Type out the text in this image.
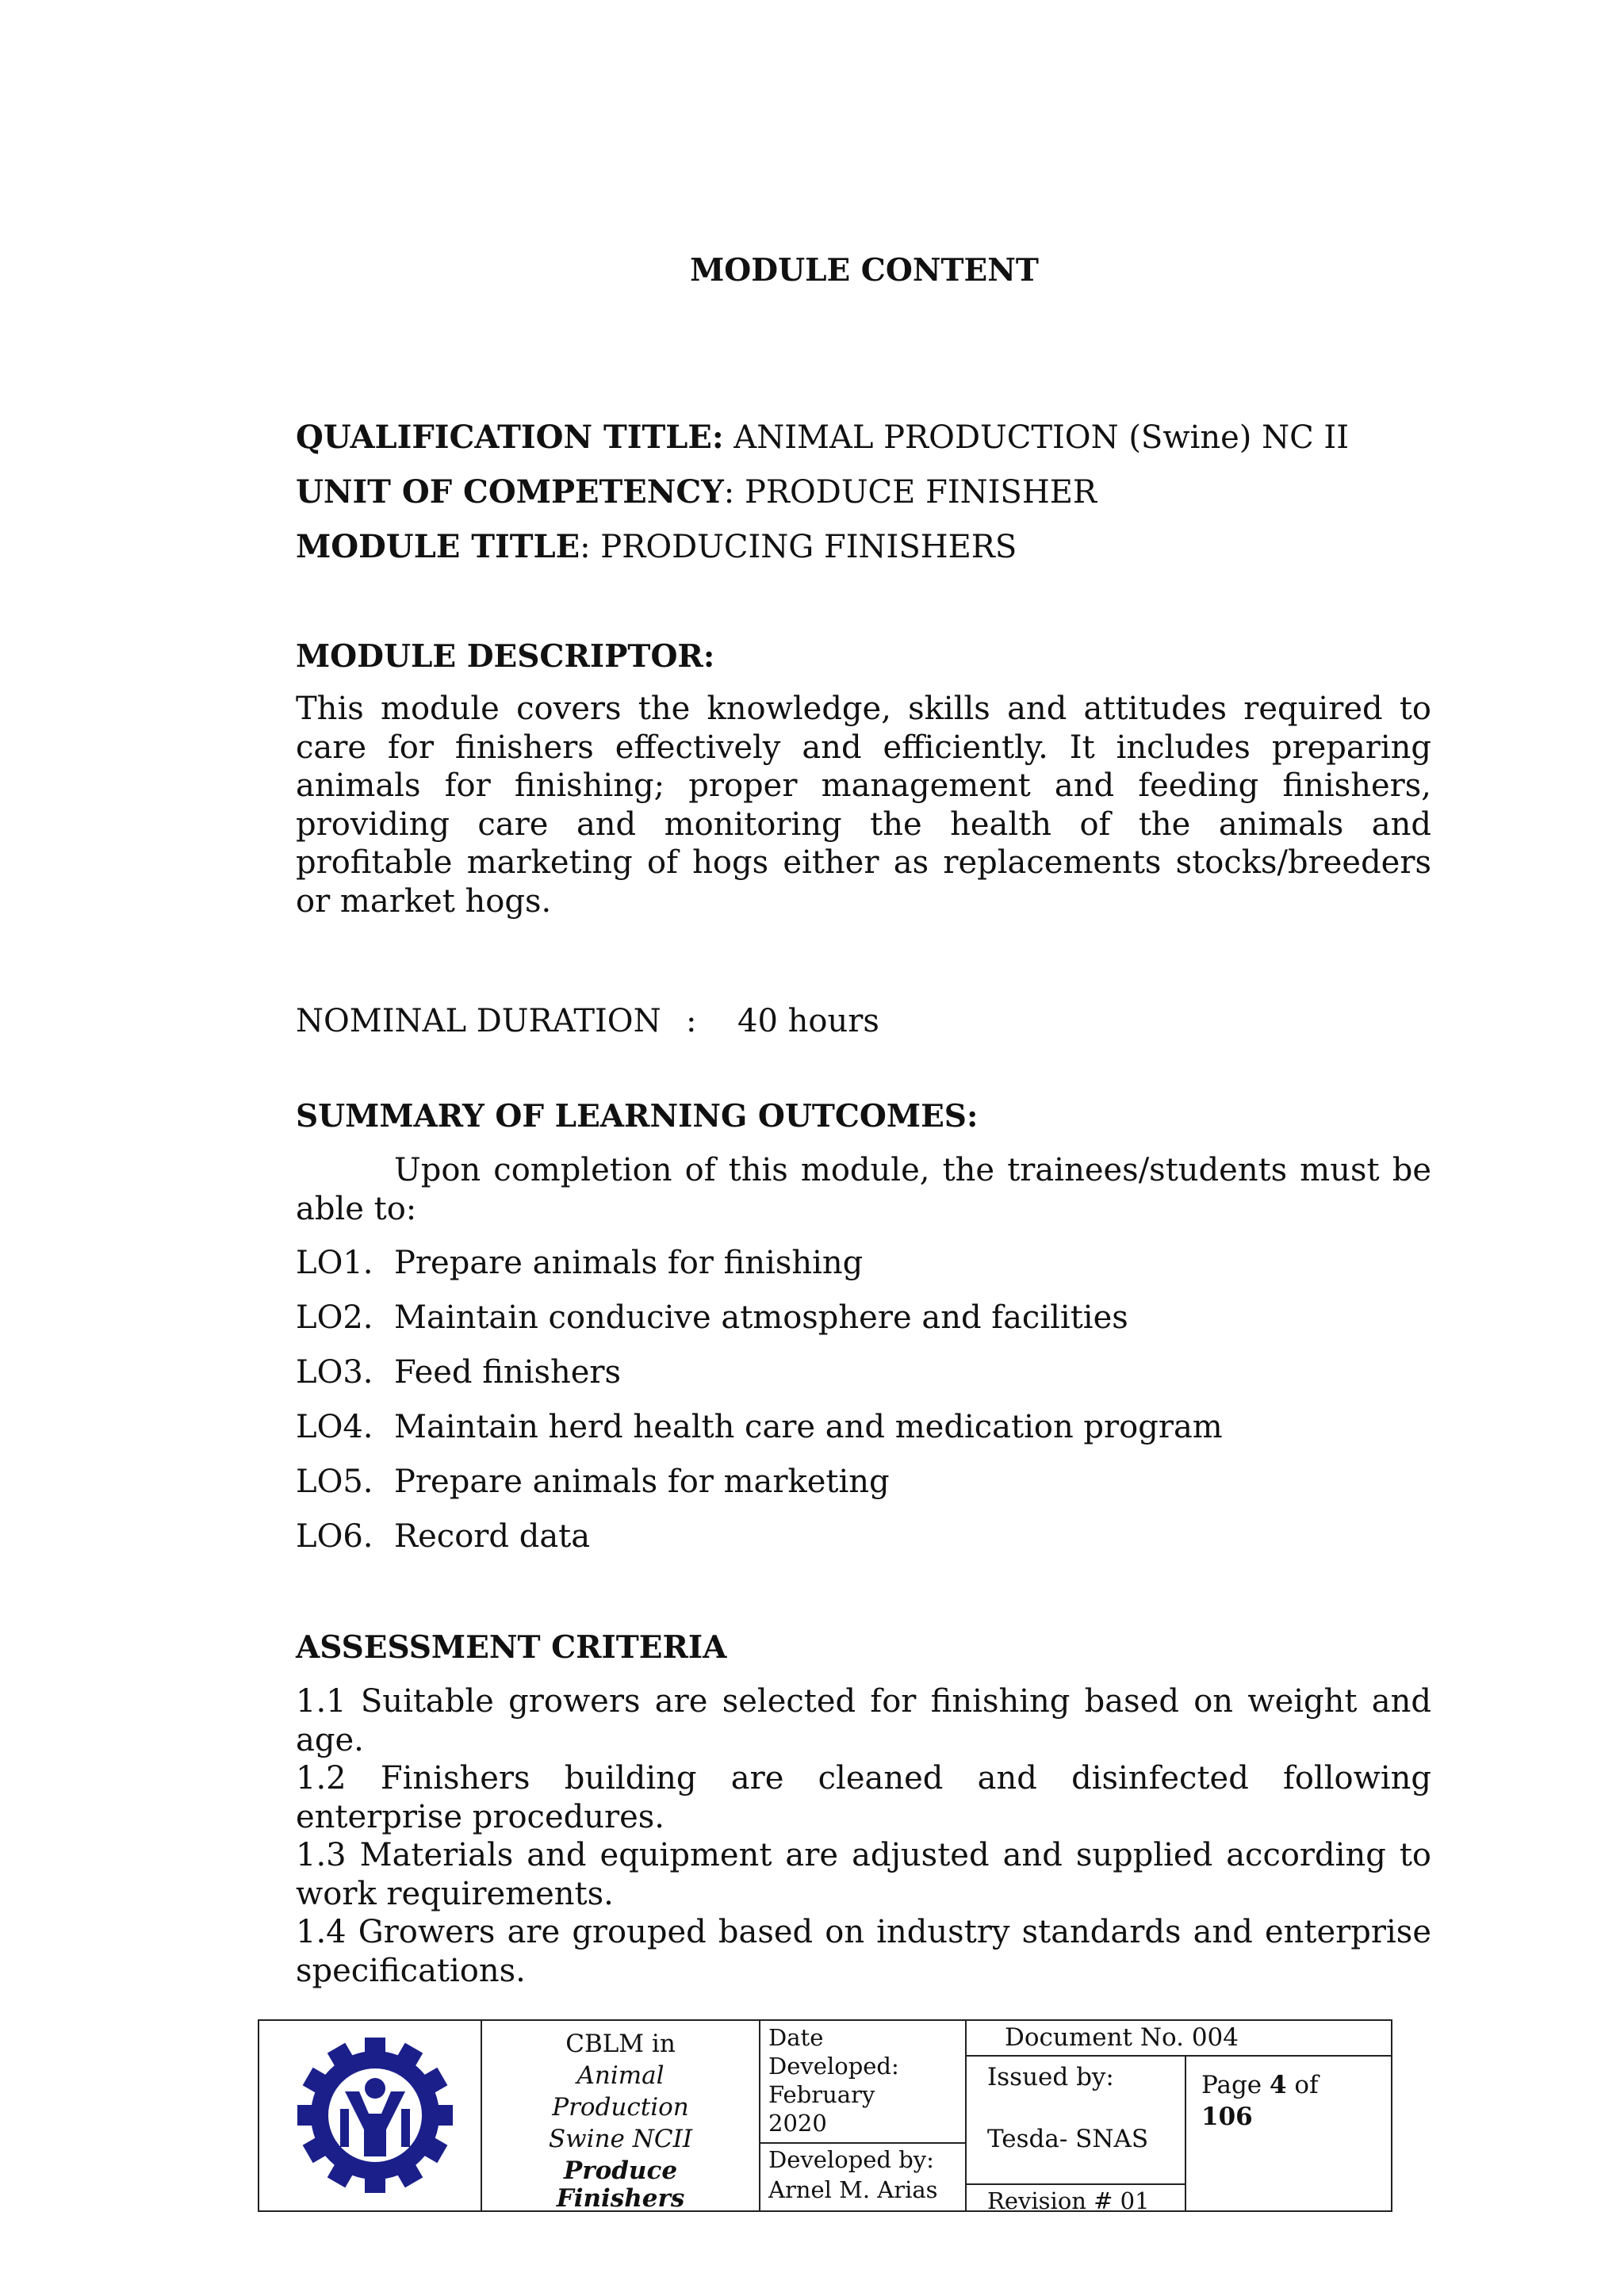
MODULE CONTENT
QUALIFICATION TITLE: ANIMAL PRODUCTION (Swine) NC II
UNIT OF COMPETENCY: PRODUCE FINISHER
MODULE TITLE: PRODUCING FINISHERS
MODULE DESCRIPTOR:
This module covers the knowledge, skills and attitudes required to care for finishers effectively and efficiently. It includes preparing animals for finishing; proper management and feeding finishers, providing care and monitoring the health of the animals and profitable marketing of hogs either as replacements stocks/breeders or market hogs.
NOMINAL DURATION : 40 hours
SUMMARY OF LEARNING OUTCOMES:
Upon completion of this module, the trainees/students must be able to:
LO1. Prepare animals for finishing
LO2. Maintain conducive atmosphere and facilities
LO3. Feed finishers
LO4. Maintain herd health care and medication program
LO5. Prepare animals for marketing
LO6. Record data
ASSESSMENT CRITERIA
1.1 Suitable growers are selected for finishing based on weight and age.
1.2 Finishers building are cleaned and disinfected following enterprise procedures.
1.3 Materials and equipment are adjusted and supplied according to work requirements.
1.4 Growers are grouped based on industry standards and enterprise specifications.
CBLM in
Animal
Production
Swine NCII
Produce
Finishers
Date
Developed:
February
2020
Developed by:
Arnel M. Arias
Document No. 004
Issued by:
Tesda- SNAS
Revision # 01
Page 4 of
106
